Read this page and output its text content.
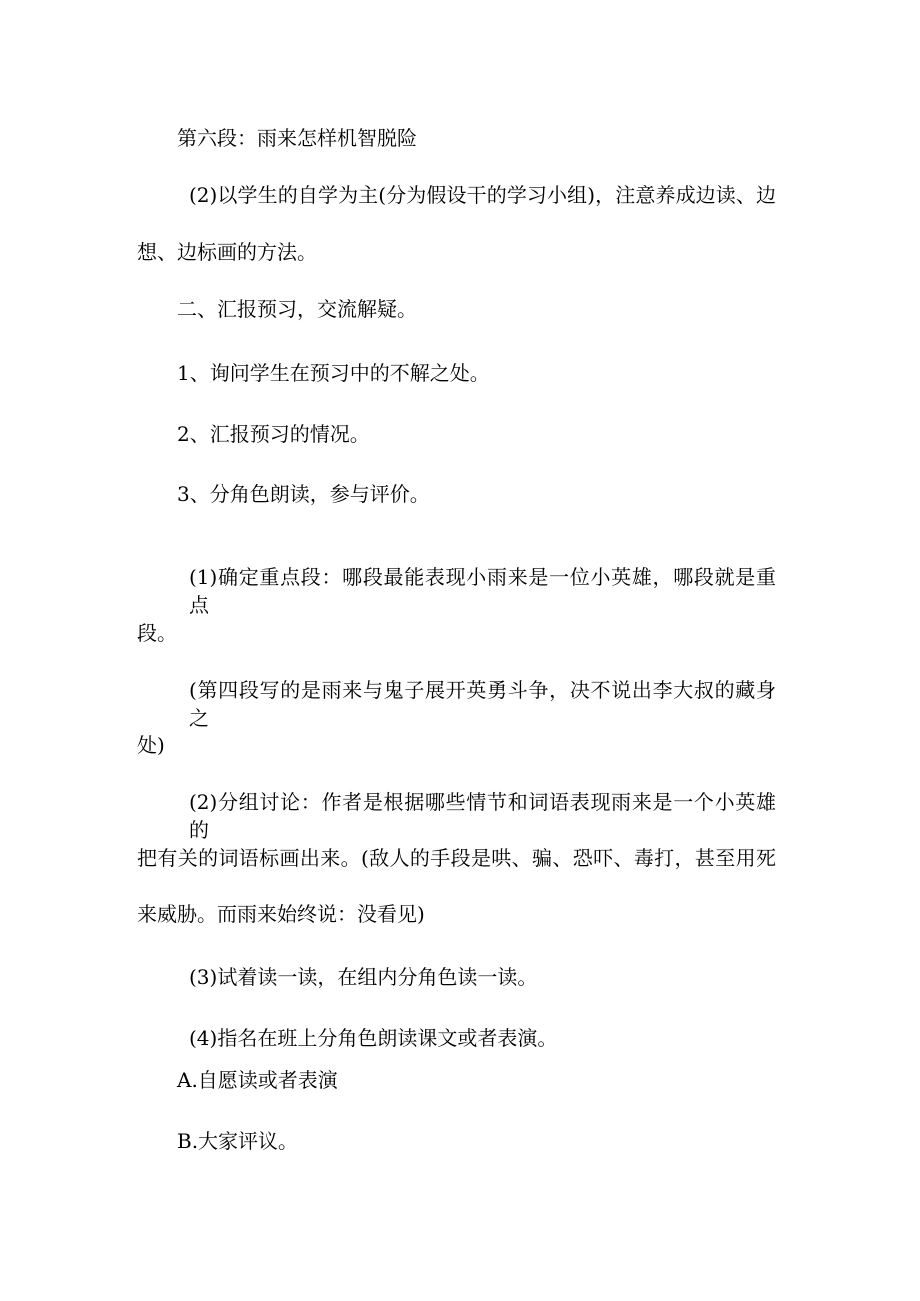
第六段：雨来怎样机智脱险
(2)以学生的自学为主(分为假设干的学习小组)，注意养成边读、边
想、边标画的方法。
二、汇报预习，交流解疑。
1、询问学生在预习中的不解之处。
2、汇报预习的情况。
3、分角色朗读，参与评价。
(1)确定重点段：哪段最能表现小雨来是一位小英雄，哪段就是重点
段。
(第四段写的是雨来与鬼子展开英勇斗争，决不说出李大叔的藏身之
处)
(2)分组讨论：作者是根据哪些情节和词语表现雨来是一个小英雄的
把有关的词语标画出来。(敌人的手段是哄、骗、恐吓、毒打，甚至用死
来威胁。而雨来始终说：没看见)
(3)试着读一读，在组内分角色读一读。
(4)指名在班上分角色朗读课文或者表演。
A.自愿读或者表演
B.大家评议。
